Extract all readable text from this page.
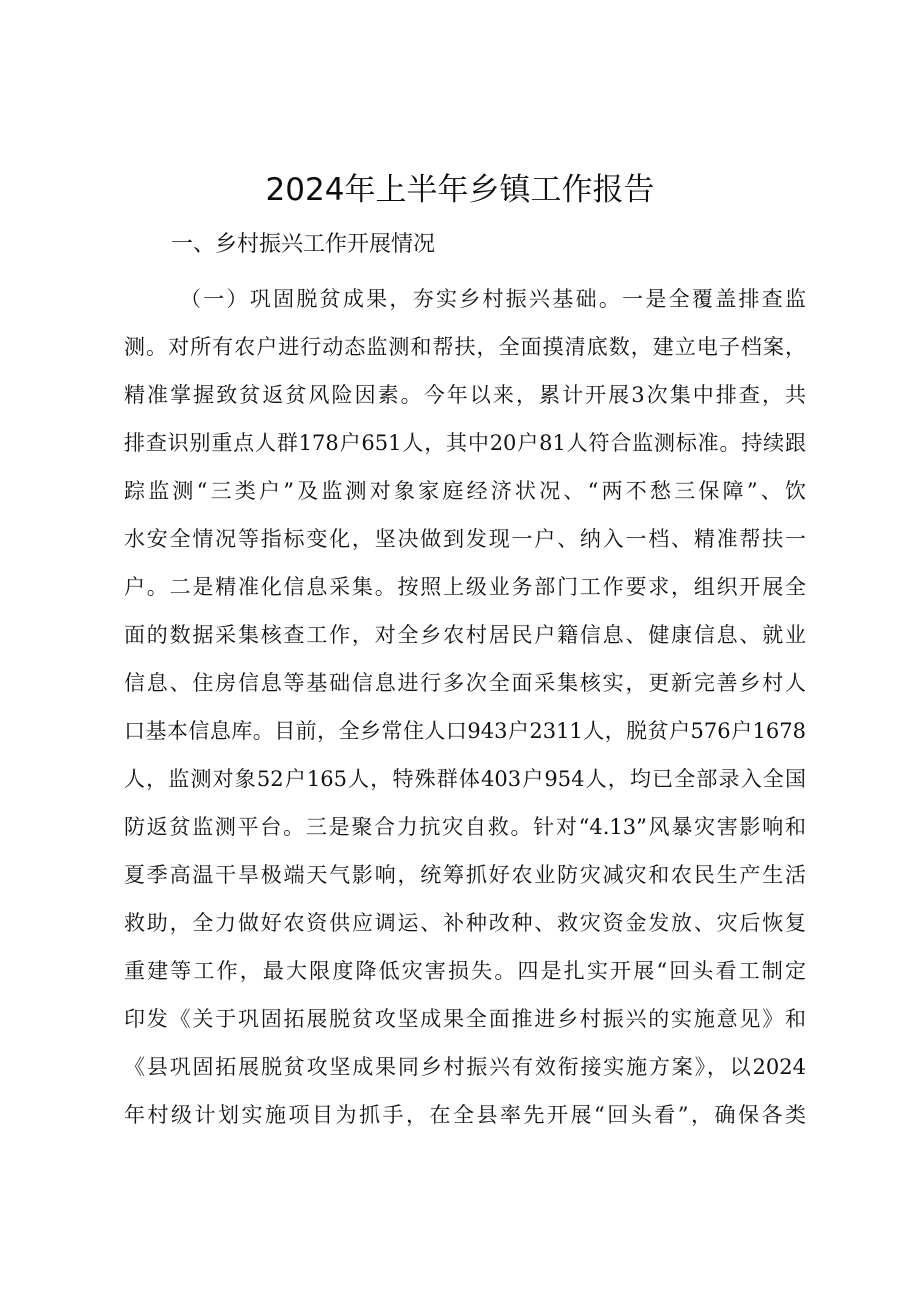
2024年上半年乡镇工作报告
一、乡村振兴工作开展情况
（一）巩固脱贫成果，夯实乡村振兴基础。一是全覆盖排查监
测。对所有农户进行动态监测和帮扶，全面摸清底数，建立电子档案，
精准掌握致贫返贫风险因素。今年以来，累计开展3次集中排查，共
排查识别重点人群178户651人，其中20户81人符合监测标准。持续跟
踪监测“三类户”及监测对象家庭经济状况、“两不愁三保障”、饮
水安全情况等指标变化，坚决做到发现一户、纳入一档、精准帮扶一
户。二是精准化信息采集。按照上级业务部门工作要求，组织开展全
面的数据采集核查工作，对全乡农村居民户籍信息、健康信息、就业
信息、住房信息等基础信息进行多次全面采集核实，更新完善乡村人
口基本信息库。目前，全乡常住人口943户2311人，脱贫户576户1678
人，监测对象52户165人，特殊群体403户954人，均已全部录入全国
防返贫监测平台。三是聚合力抗灾自救。针对“4.13”风暴灾害影响和
夏季高温干旱极端天气影响，统筹抓好农业防灾减灾和农民生产生活
救助，全力做好农资供应调运、补种改种、救灾资金发放、灾后恢复
重建等工作，最大限度降低灾害损失。四是扎实开展“回头看工制定
印发《关于巩固拓展脱贫攻坚成果全面推进乡村振兴的实施意见》和
《县巩固拓展脱贫攻坚成果同乡村振兴有效衔接实施方案》，以2024
年村级计划实施项目为抓手，在全县率先开展“回头看”，确保各类
